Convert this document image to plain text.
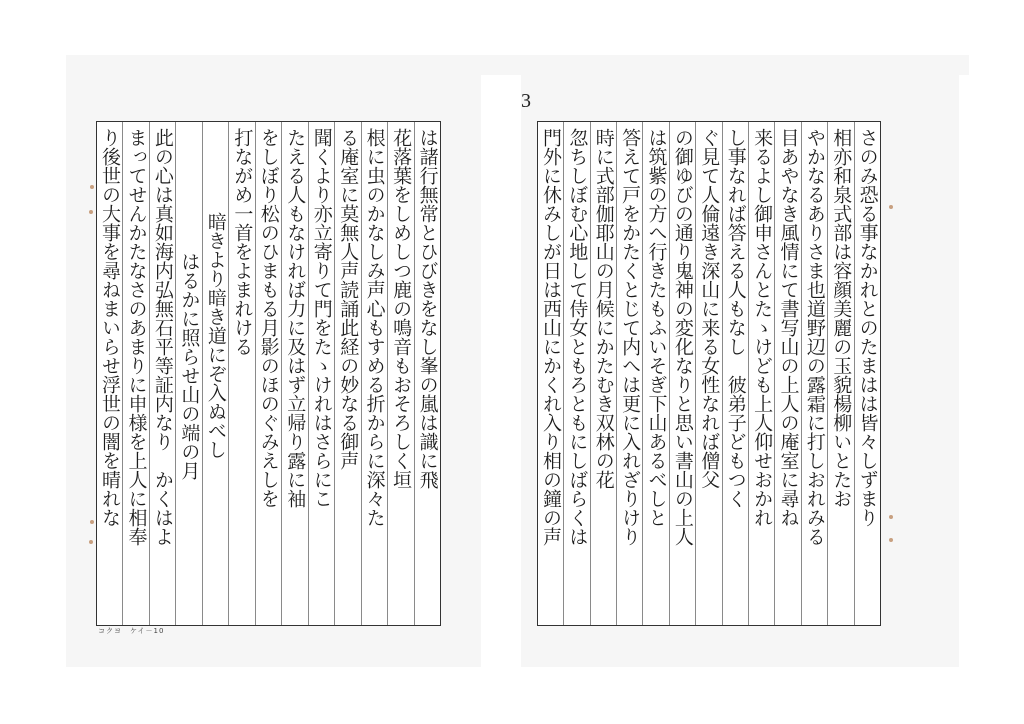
3
は諸行無常とひびきをなし峯の嵐は識に飛
花落葉をしめしつ鹿の鳴音もおそろしく垣
根に虫のかなしみ声心もすめる折からに深々た
る庵室に莫無人声読誦此経の妙なる御声
聞くより亦立寄りて門をたゝけれはさらにこ
たえる人もなければ力に及はず立帰り露に袖
をしぼり松のひまもる月影のほのぐみえしを
打ながめ一首をよまれける
暗きより暗き道にぞ入ぬべし
はるかに照らせ山の端の月
此の心は真如海内弘無石平等証内なり　かくはよ
まってせんかたなさのあまりに申様を上人に相奉
り後世の大事を尋ねまいらせ浮世の闇を晴れな	さのみ恐る事なかれとのたまはは皆々しずまり
相亦和泉式部は容顔美麗の玉貌楊柳いとたお
やかなるありさま也道野辺の露霜に打しおれみる
目あやなき風情にて書写山の上人の庵室に尋ね
来るよし御申さんとたゝけども上人仰せおかれ
し事なれば答える人もなし　彼弟子どもつく
ぐ見て人倫遠き深山に来る女性なれば僧父
の御ゆびの通り鬼神の変化なりと思い書山の上人
は筑紫の方へ行きたもふいそぎ下山あるべしと
答えて戸をかたくとじて内へは更に入れざりけり
時に式部伽耶山の月候にかたむき双林の花
忽ちしぼむ心地して侍女ともろともにしばらくは
門外に休みしが日は西山にかくれ入り相の鐘の声
コクヨ　ケイ－10
